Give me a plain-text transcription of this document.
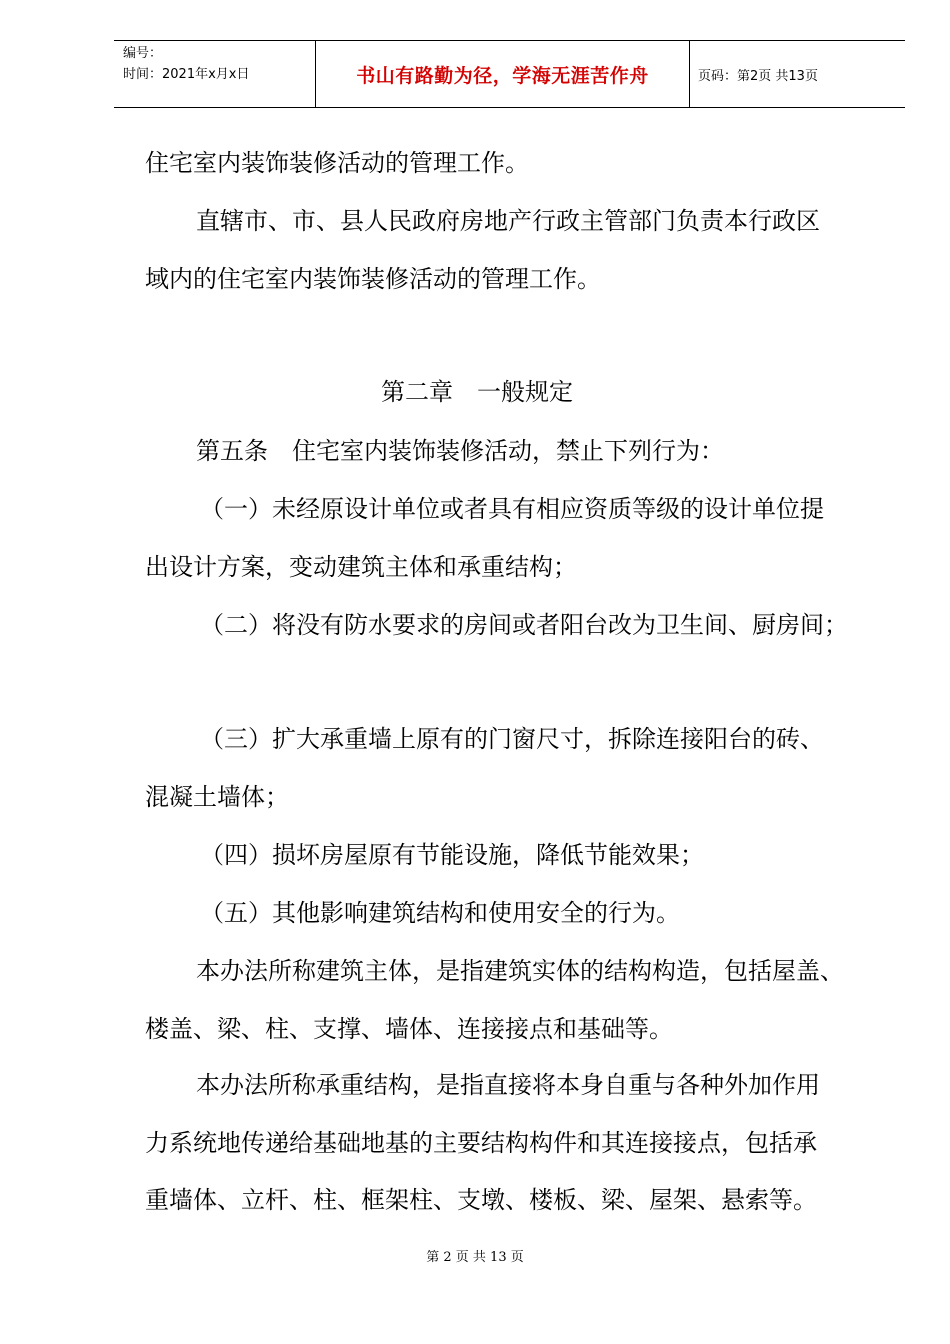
编号：
时间：2021年x月x日	书山有路勤为径，学海无涯苦作舟	页码：第2页 共13页
住宅室内装饰装修活动的管理工作。
直辖市、市、县人民政府房地产行政主管部门负责本行政区
域内的住宅室内装饰装修活动的管理工作。
第二章　一般规定
第五条　住宅室内装饰装修活动，禁止下列行为：
（一）未经原设计单位或者具有相应资质等级的设计单位提
出设计方案，变动建筑主体和承重结构；
（二）将没有防水要求的房间或者阳台改为卫生间、厨房间；
（三）扩大承重墙上原有的门窗尺寸，拆除连接阳台的砖、
混凝土墙体；
（四）损坏房屋原有节能设施，降低节能效果；
（五）其他影响建筑结构和使用安全的行为。
本办法所称建筑主体，是指建筑实体的结构构造，包括屋盖、
楼盖、梁、柱、支撑、墙体、连接接点和基础等。
本办法所称承重结构，是指直接将本身自重与各种外加作用
力系统地传递给基础地基的主要结构构件和其连接接点，包括承
重墙体、立杆、柱、框架柱、支墩、楼板、梁、屋架、悬索等。
第 2 页 共 13 页
